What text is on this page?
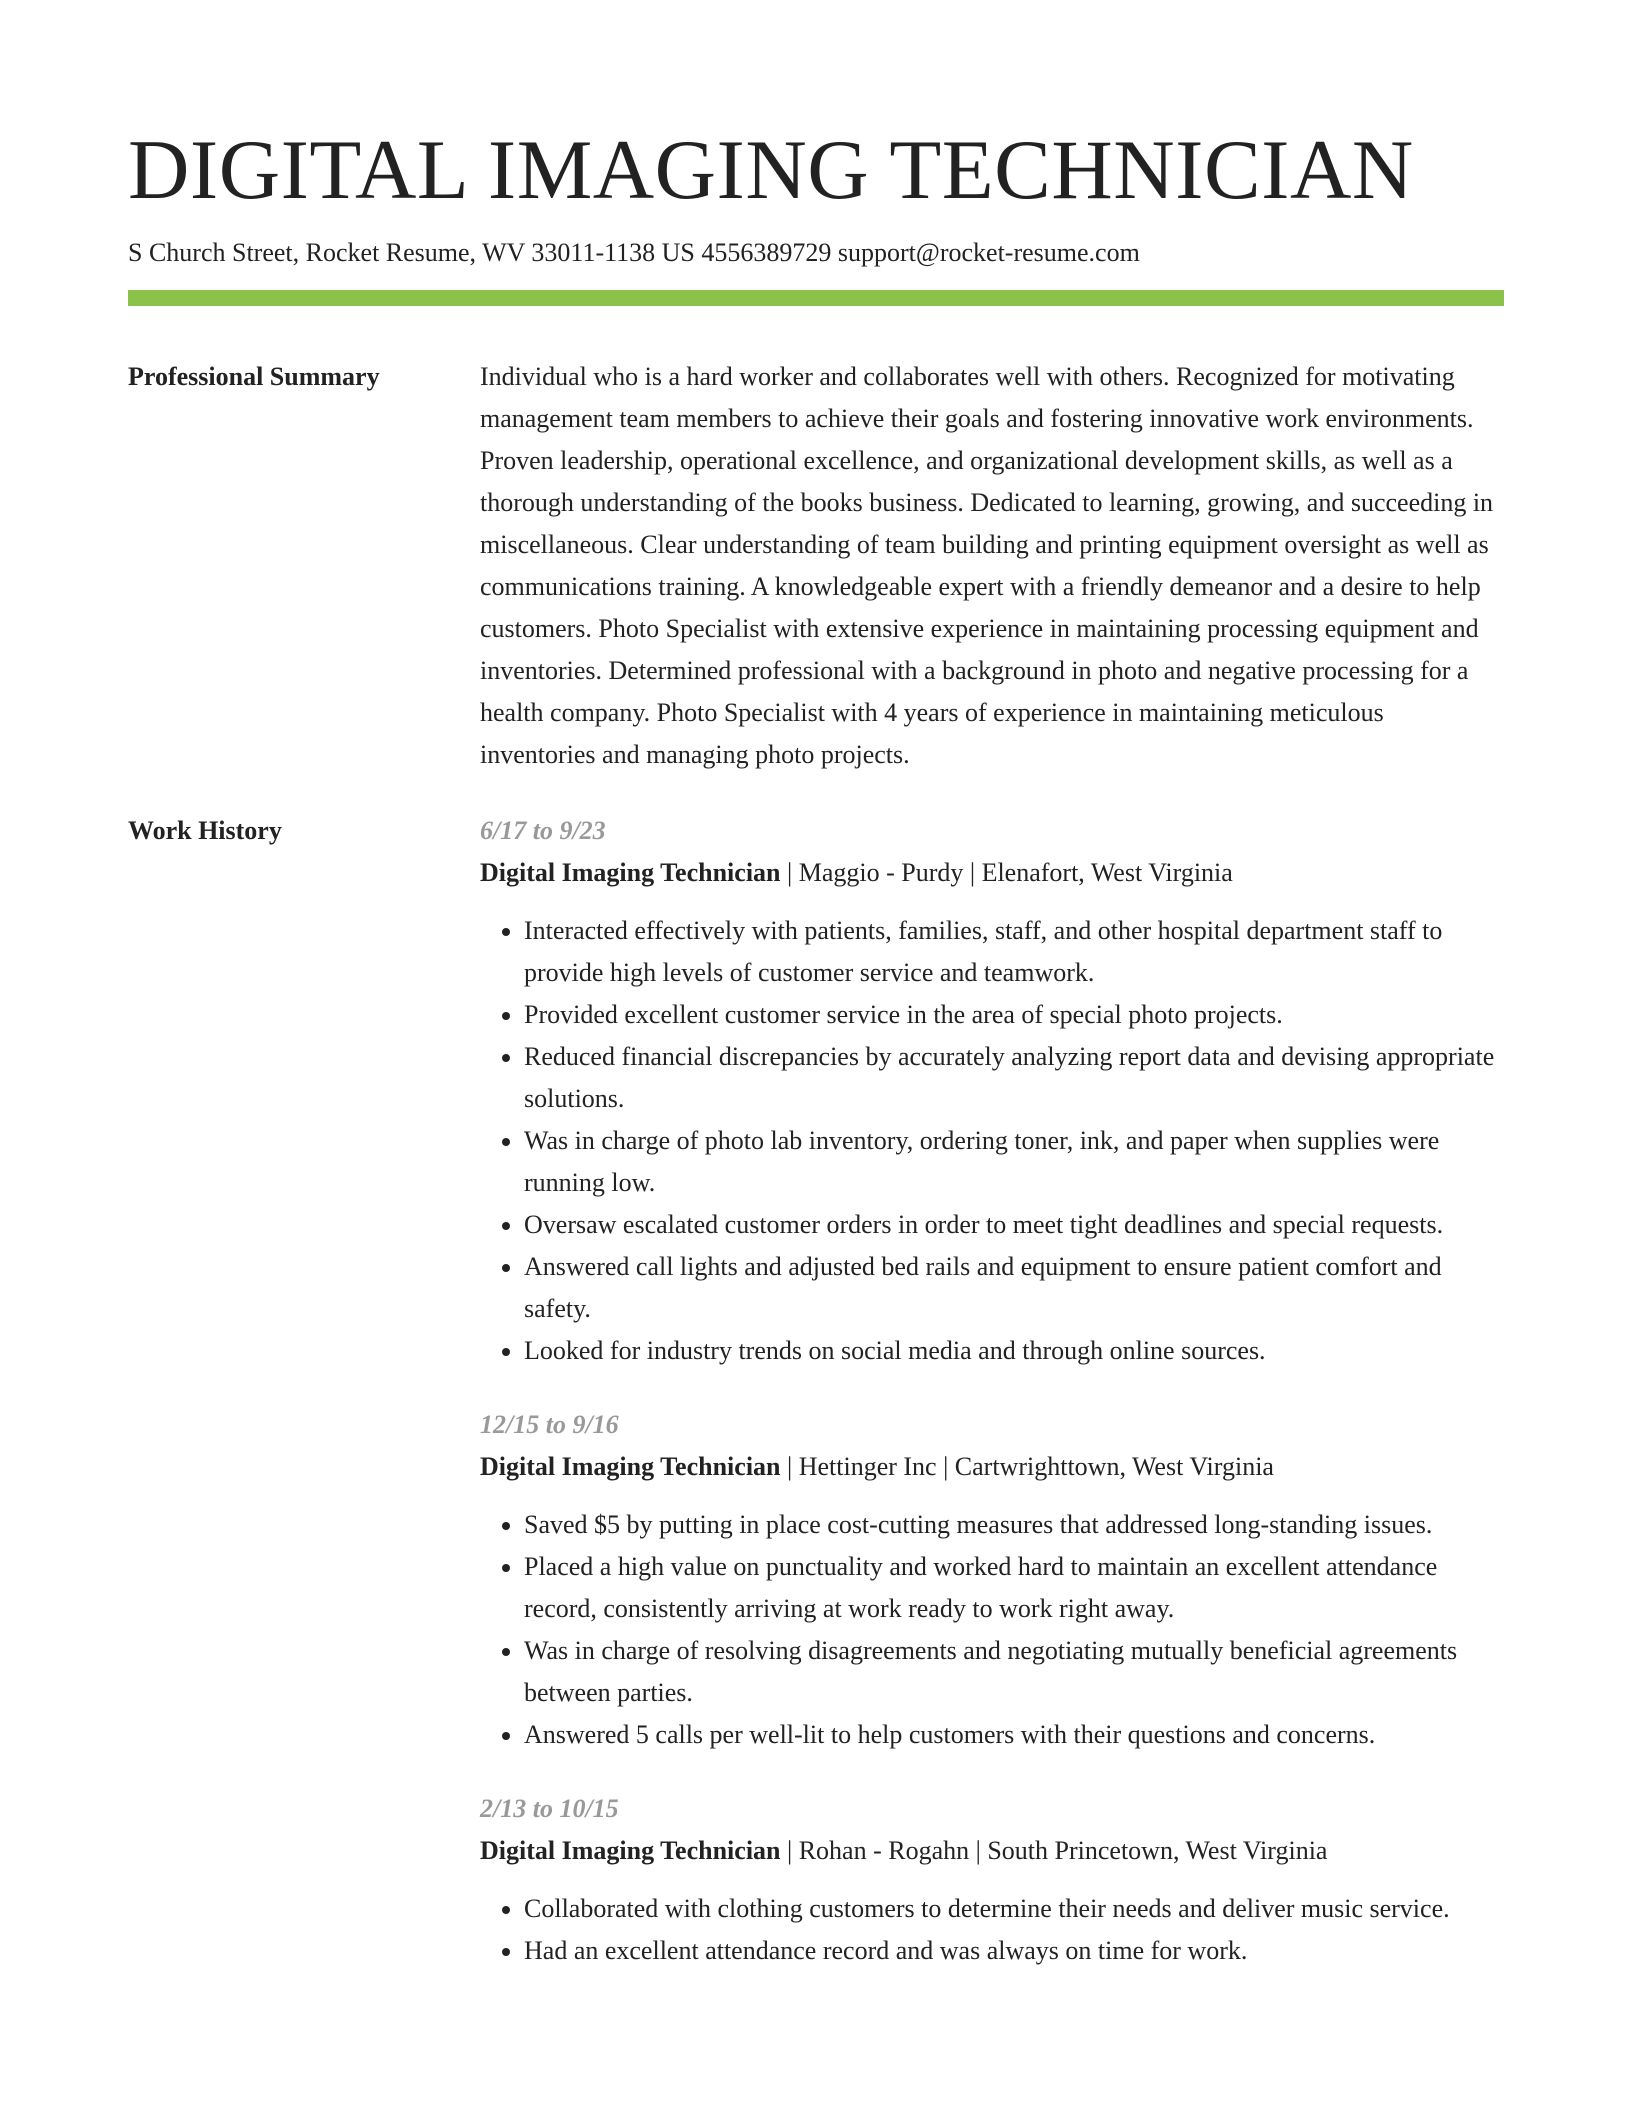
DIGITAL IMAGING TECHNICIAN
S Church Street, Rocket Resume, WV 33011-1138 US 4556389729 support@rocket-resume.com
Professional Summary	Individual who is a hard worker and collaborates well with others. Recognized for motivating management team members to achieve their goals and fostering innovative work environments. Proven leadership, operational excellence, and organizational development skills, as well as a thorough understanding of the books business. Dedicated to learning, growing, and succeeding in miscellaneous. Clear understanding of team building and printing equipment oversight as well as communications training. A knowledgeable expert with a friendly demeanor and a desire to help customers. Photo Specialist with extensive experience in maintaining processing equipment and inventories. Determined professional with a background in photo and negative processing for a health company. Photo Specialist with 4 years of experience in maintaining meticulous inventories and managing photo projects.
Work History	6/17 to 9/23
Digital Imaging Technician | Maggio - Purdy | Elenafort, West Virginia
• Interacted effectively with patients, families, staff, and other hospital department staff to provide high levels of customer service and teamwork.
• Provided excellent customer service in the area of special photo projects.
• Reduced financial discrepancies by accurately analyzing report data and devising appropriate solutions.
• Was in charge of photo lab inventory, ordering toner, ink, and paper when supplies were running low.
• Oversaw escalated customer orders in order to meet tight deadlines and special requests.
• Answered call lights and adjusted bed rails and equipment to ensure patient comfort and safety.
• Looked for industry trends on social media and through online sources.
12/15 to 9/16
Digital Imaging Technician | Hettinger Inc | Cartwrighttown, West Virginia
• Saved $5 by putting in place cost-cutting measures that addressed long-standing issues.
• Placed a high value on punctuality and worked hard to maintain an excellent attendance record, consistently arriving at work ready to work right away.
• Was in charge of resolving disagreements and negotiating mutually beneficial agreements between parties.
• Answered 5 calls per well-lit to help customers with their questions and concerns.
2/13 to 10/15
Digital Imaging Technician | Rohan - Rogahn | South Princetown, West Virginia
• Collaborated with clothing customers to determine their needs and deliver music service.
• Had an excellent attendance record and was always on time for work.
